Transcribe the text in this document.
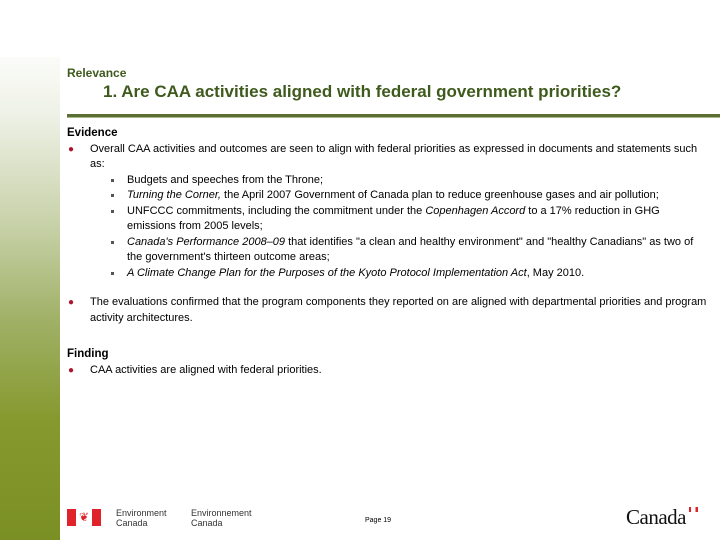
Relevance
1. Are CAA activities aligned with federal government priorities?
Evidence
● Overall CAA activities and outcomes are seen to align with federal priorities as expressed in documents and statements such as:
Budgets and speeches from the Throne;
Turning the Corner, the April 2007 Government of Canada plan to reduce greenhouse gases and air pollution;
UNFCCC commitments, including the commitment under the Copenhagen Accord to a 17% reduction in GHG emissions from 2005 levels;
Canada's Performance 2008–09 that identifies "a clean and healthy environment" and "healthy Canadians" as two of the government's thirteen outcome areas;
A Climate Change Plan for the Purposes of the Kyoto Protocol Implementation Act, May 2010.
● The evaluations confirmed that the program components they reported on are aligned with departmental priorities and program activity architectures.
Finding
● CAA activities are aligned with federal priorities.
❦	Environment
Canada
Environnement
Canada	Page 19	Canada
